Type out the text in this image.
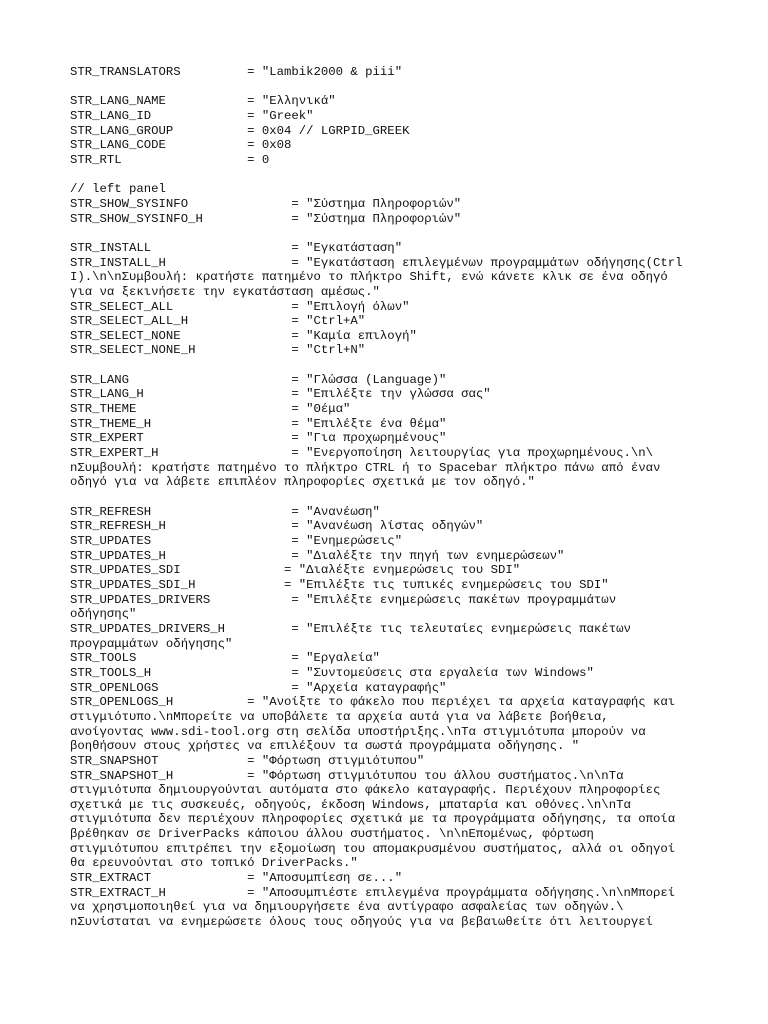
STR_TRANSLATORS         = "Lambik2000 & piii"

STR_LANG_NAME           = "Ελληνικά"
STR_LANG_ID             = "Greek"
STR_LANG_GROUP          = 0x04 // LGRPID_GREEK
STR_LANG_CODE           = 0x08
STR_RTL                 = 0

// left panel
STR_SHOW_SYSINFO              = "Σύστημα Πληροφοριών"
STR_SHOW_SYSINFO_H            = "Σύστημα Πληροφοριών"

STR_INSTALL                   = "Εγκατάσταση"
STR_INSTALL_H                 = "Εγκατάσταση επιλεγμένων προγραμμάτων οδήγησης(Ctrl
I).\n\nΣυμβουλή: κρατήστε πατημένο το πλήκτρο Shift, ενώ κάνετε κλικ σε ένα οδηγό
για να ξεκινήσετε την εγκατάσταση αμέσως."
STR_SELECT_ALL                = "Επιλογή όλων"
STR_SELECT_ALL_H              = "Ctrl+A"
STR_SELECT_NONE               = "Καμία επιλογή"
STR_SELECT_NONE_H             = "Ctrl+N"

STR_LANG                      = "Γλώσσα (Language)"
STR_LANG_H                    = "Επιλέξτε την γλώσσα σας"
STR_THEME                     = "Θέμα"
STR_THEME_H                   = "Επιλέξτε ένα θέμα"
STR_EXPERT                    = "Για προχωρημένους"
STR_EXPERT_H                  = "Ενεργοποίηση λειτουργίας για προχωρημένους.\n\
nΣυμβουλή: κρατήστε πατημένο το πλήκτρο CTRL ή το Spacebar πλήκτρο πάνω από έναν
οδηγό για να λάβετε επιπλέον πληροφορίες σχετικά με τον οδηγό."

STR_REFRESH                   = "Ανανέωση"
STR_REFRESH_H                 = "Ανανέωση λίστας οδηγών"
STR_UPDATES                   = "Ενημερώσεις"
STR_UPDATES_H                 = "Διαλέξτε την πηγή των ενημερώσεων"
STR_UPDATES_SDI              = "Διαλέξτε ενημερώσεις του SDI"
STR_UPDATES_SDI_H            = "Επιλέξτε τις τυπικές ενημερώσεις του SDI"
STR_UPDATES_DRIVERS           = "Επιλέξτε ενημερώσεις πακέτων προγραμμάτων
οδήγησης"
STR_UPDATES_DRIVERS_H         = "Επιλέξτε τις τελευταίες ενημερώσεις πακέτων
προγραμμάτων οδήγησης"
STR_TOOLS                     = "Εργαλεία"
STR_TOOLS_H                   = "Συντομεύσεις στα εργαλεία των Windows"
STR_OPENLOGS                  = "Αρχεία καταγραφής"
STR_OPENLOGS_H          = "Ανοίξτε το φάκελο που περιέχει τα αρχεία καταγραφής και
στιγμιότυπο.\nΜπορείτε να υποβάλετε τα αρχεία αυτά για να λάβετε βοήθεια,
ανοίγοντας www.sdi-tool.org στη σελίδα υποστήριξης.\nΤα στιγμιότυπα μπορούν να
βοηθήσουν στους χρήστες να επιλέξουν τα σωστά προγράμματα οδήγησης. "
STR_SNAPSHOT            = "Φόρτωση στιγμιότυπου"
STR_SNAPSHOT_H          = "Φόρτωση στιγμιότυπου του άλλου συστήματος.\n\nΤα
στιγμιότυπα δημιουργούνται αυτόματα στο φάκελο καταγραφής. Περιέχουν πληροφορίες
σχετικά με τις συσκευές, οδηγούς, έκδοση Windows, μπαταρία και οθόνες.\n\nΤα
στιγμιότυπα δεν περιέχουν πληροφορίες σχετικά με τα προγράμματα οδήγησης, τα οποία
βρέθηκαν σε DriverPacks κάποιου άλλου συστήματος. \n\nΕπομένως, φόρτωση
στιγμιότυπου επιτρέπει την εξομοίωση του απομακρυσμένου συστήματος, αλλά οι οδηγοί
θα ερευνούνται στο τοπικό DriverPacks."
STR_EXTRACT             = "Αποσυμπίεση σε..."
STR_EXTRACT_H           = "Αποσυμπιέστε επιλεγμένα προγράμματα οδήγησης.\n\nΜπορεί
να χρησιμοποιηθεί για να δημιουργήσετε ένα αντίγραφο ασφαλείας των οδηγών.\
nΣυνίσταται να ενημερώσετε όλους τους οδηγούς για να βεβαιωθείτε ότι λειτουργεί
